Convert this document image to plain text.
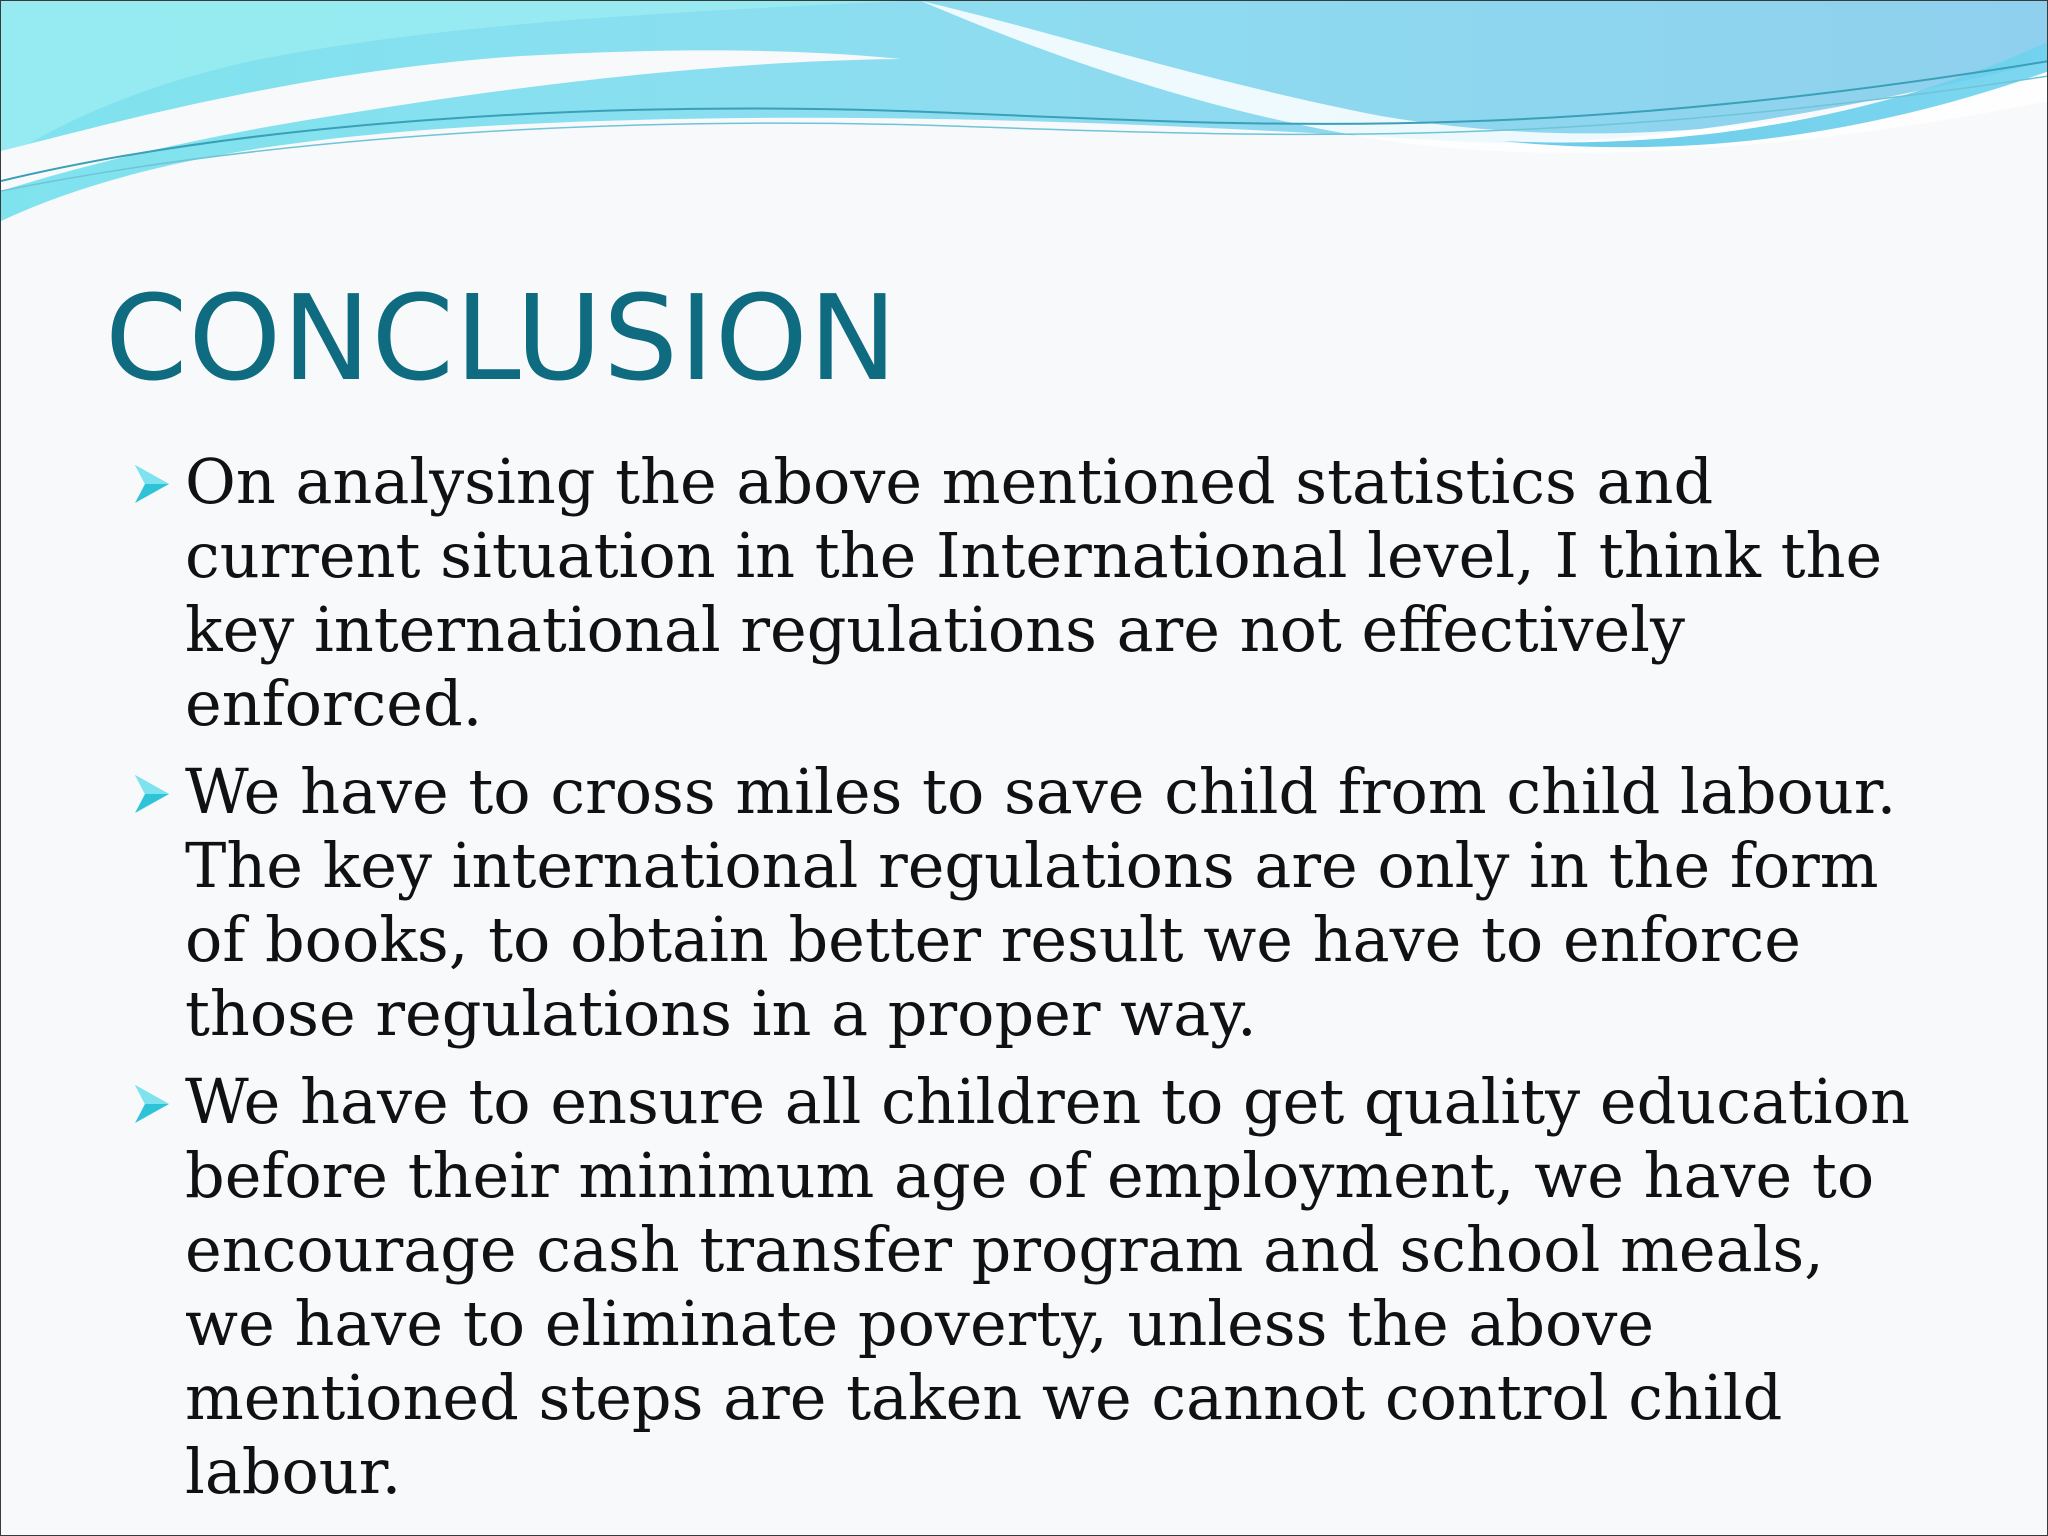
CONCLUSION
On analysing the above mentioned statistics and current situation in the International level, I think the key international regulations are not effectively enforced.
We have to cross miles to save child from child labour. The key international regulations are only in the form of books, to obtain better result we have to enforce those regulations in a proper way.
We have to ensure all children to get quality education before their minimum age of employment, we have to encourage cash transfer program and school meals, we have to eliminate poverty, unless the above mentioned steps are taken we cannot control child labour.
